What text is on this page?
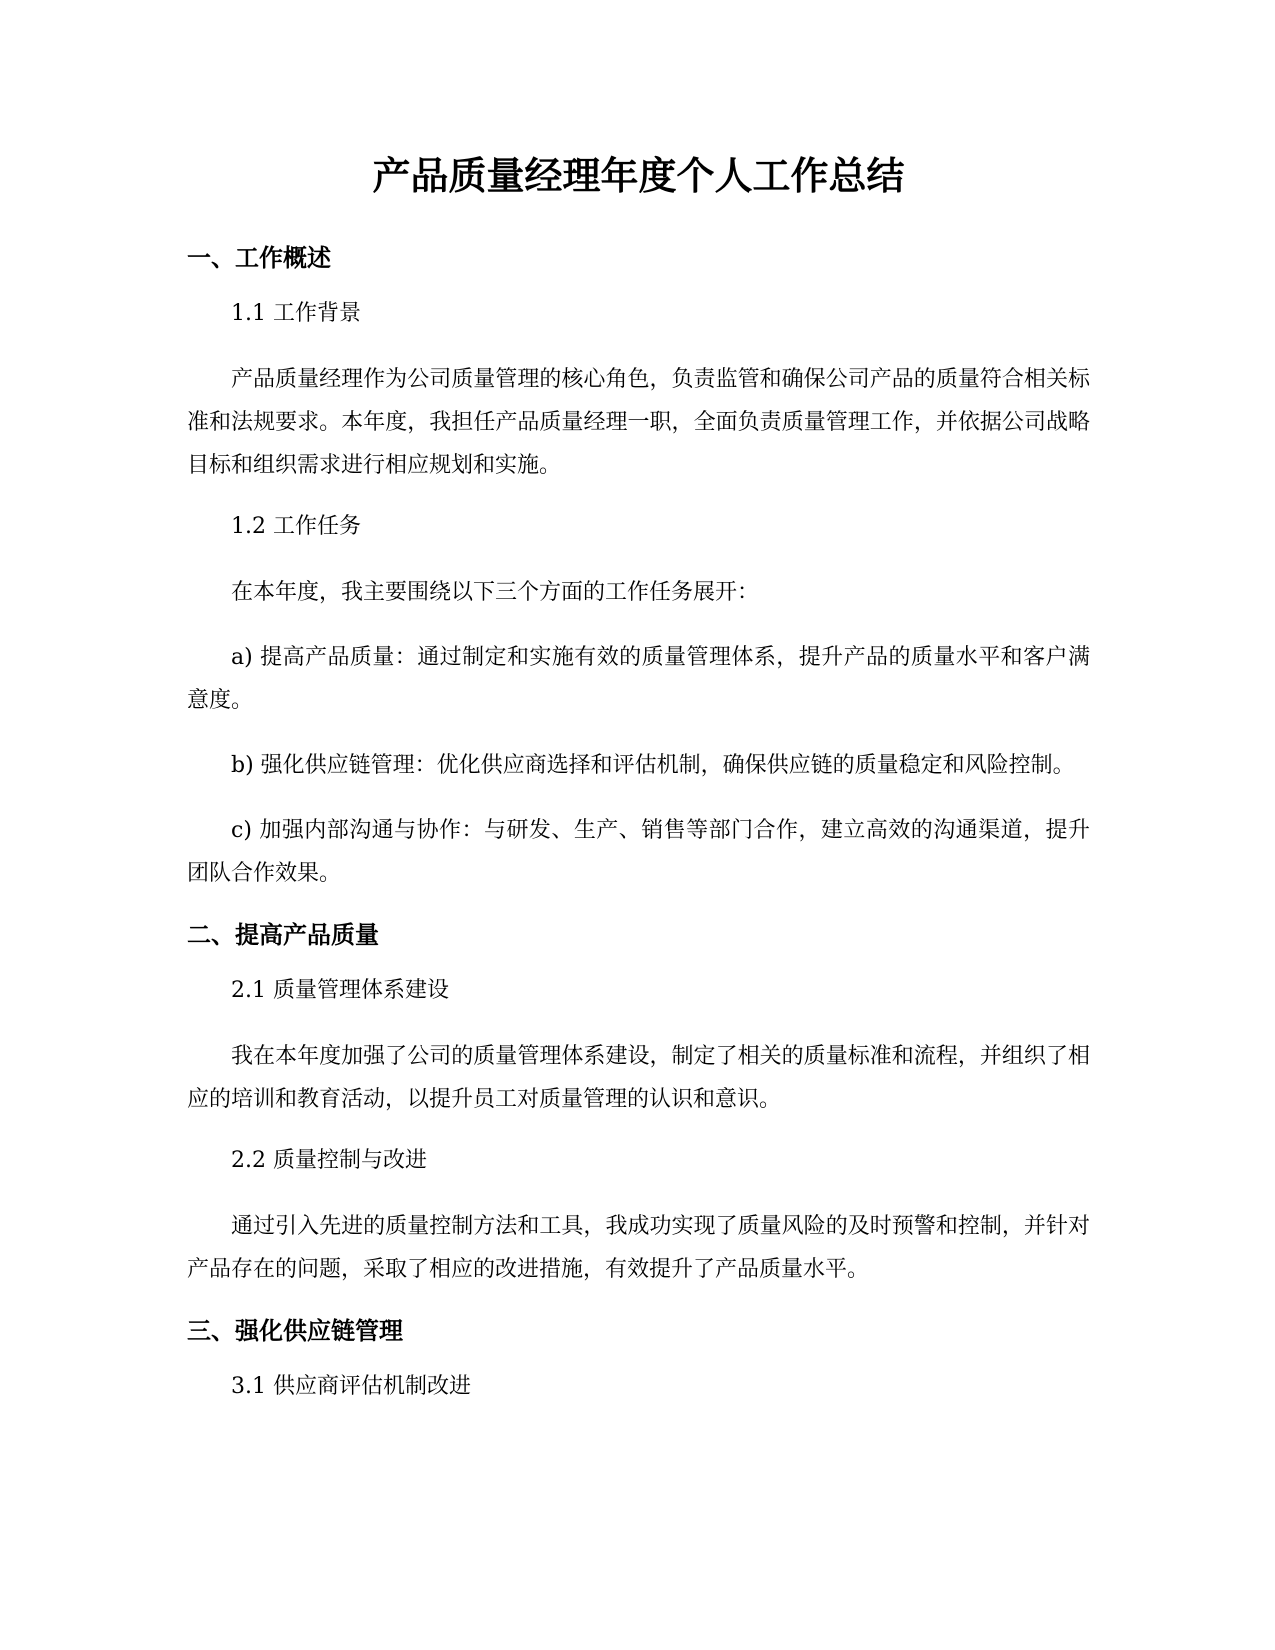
产品质量经理年度个人工作总结
一、工作概述
1.1 工作背景
产品质量经理作为公司质量管理的核心角色，负责监管和确保公司产品的质量符合相关标准和法规要求。本年度，我担任产品质量经理一职，全面负责质量管理工作，并依据公司战略目标和组织需求进行相应规划和实施。
1.2 工作任务
在本年度，我主要围绕以下三个方面的工作任务展开：
a) 提高产品质量：通过制定和实施有效的质量管理体系，提升产品的质量水平和客户满意度。
b) 强化供应链管理：优化供应商选择和评估机制，确保供应链的质量稳定和风险控制。
c) 加强内部沟通与协作：与研发、生产、销售等部门合作，建立高效的沟通渠道，提升团队合作效果。
二、提高产品质量
2.1 质量管理体系建设
我在本年度加强了公司的质量管理体系建设，制定了相关的质量标准和流程，并组织了相应的培训和教育活动，以提升员工对质量管理的认识和意识。
2.2 质量控制与改进
通过引入先进的质量控制方法和工具，我成功实现了质量风险的及时预警和控制，并针对产品存在的问题，采取了相应的改进措施，有效提升了产品质量水平。
三、强化供应链管理
3.1 供应商评估机制改进
